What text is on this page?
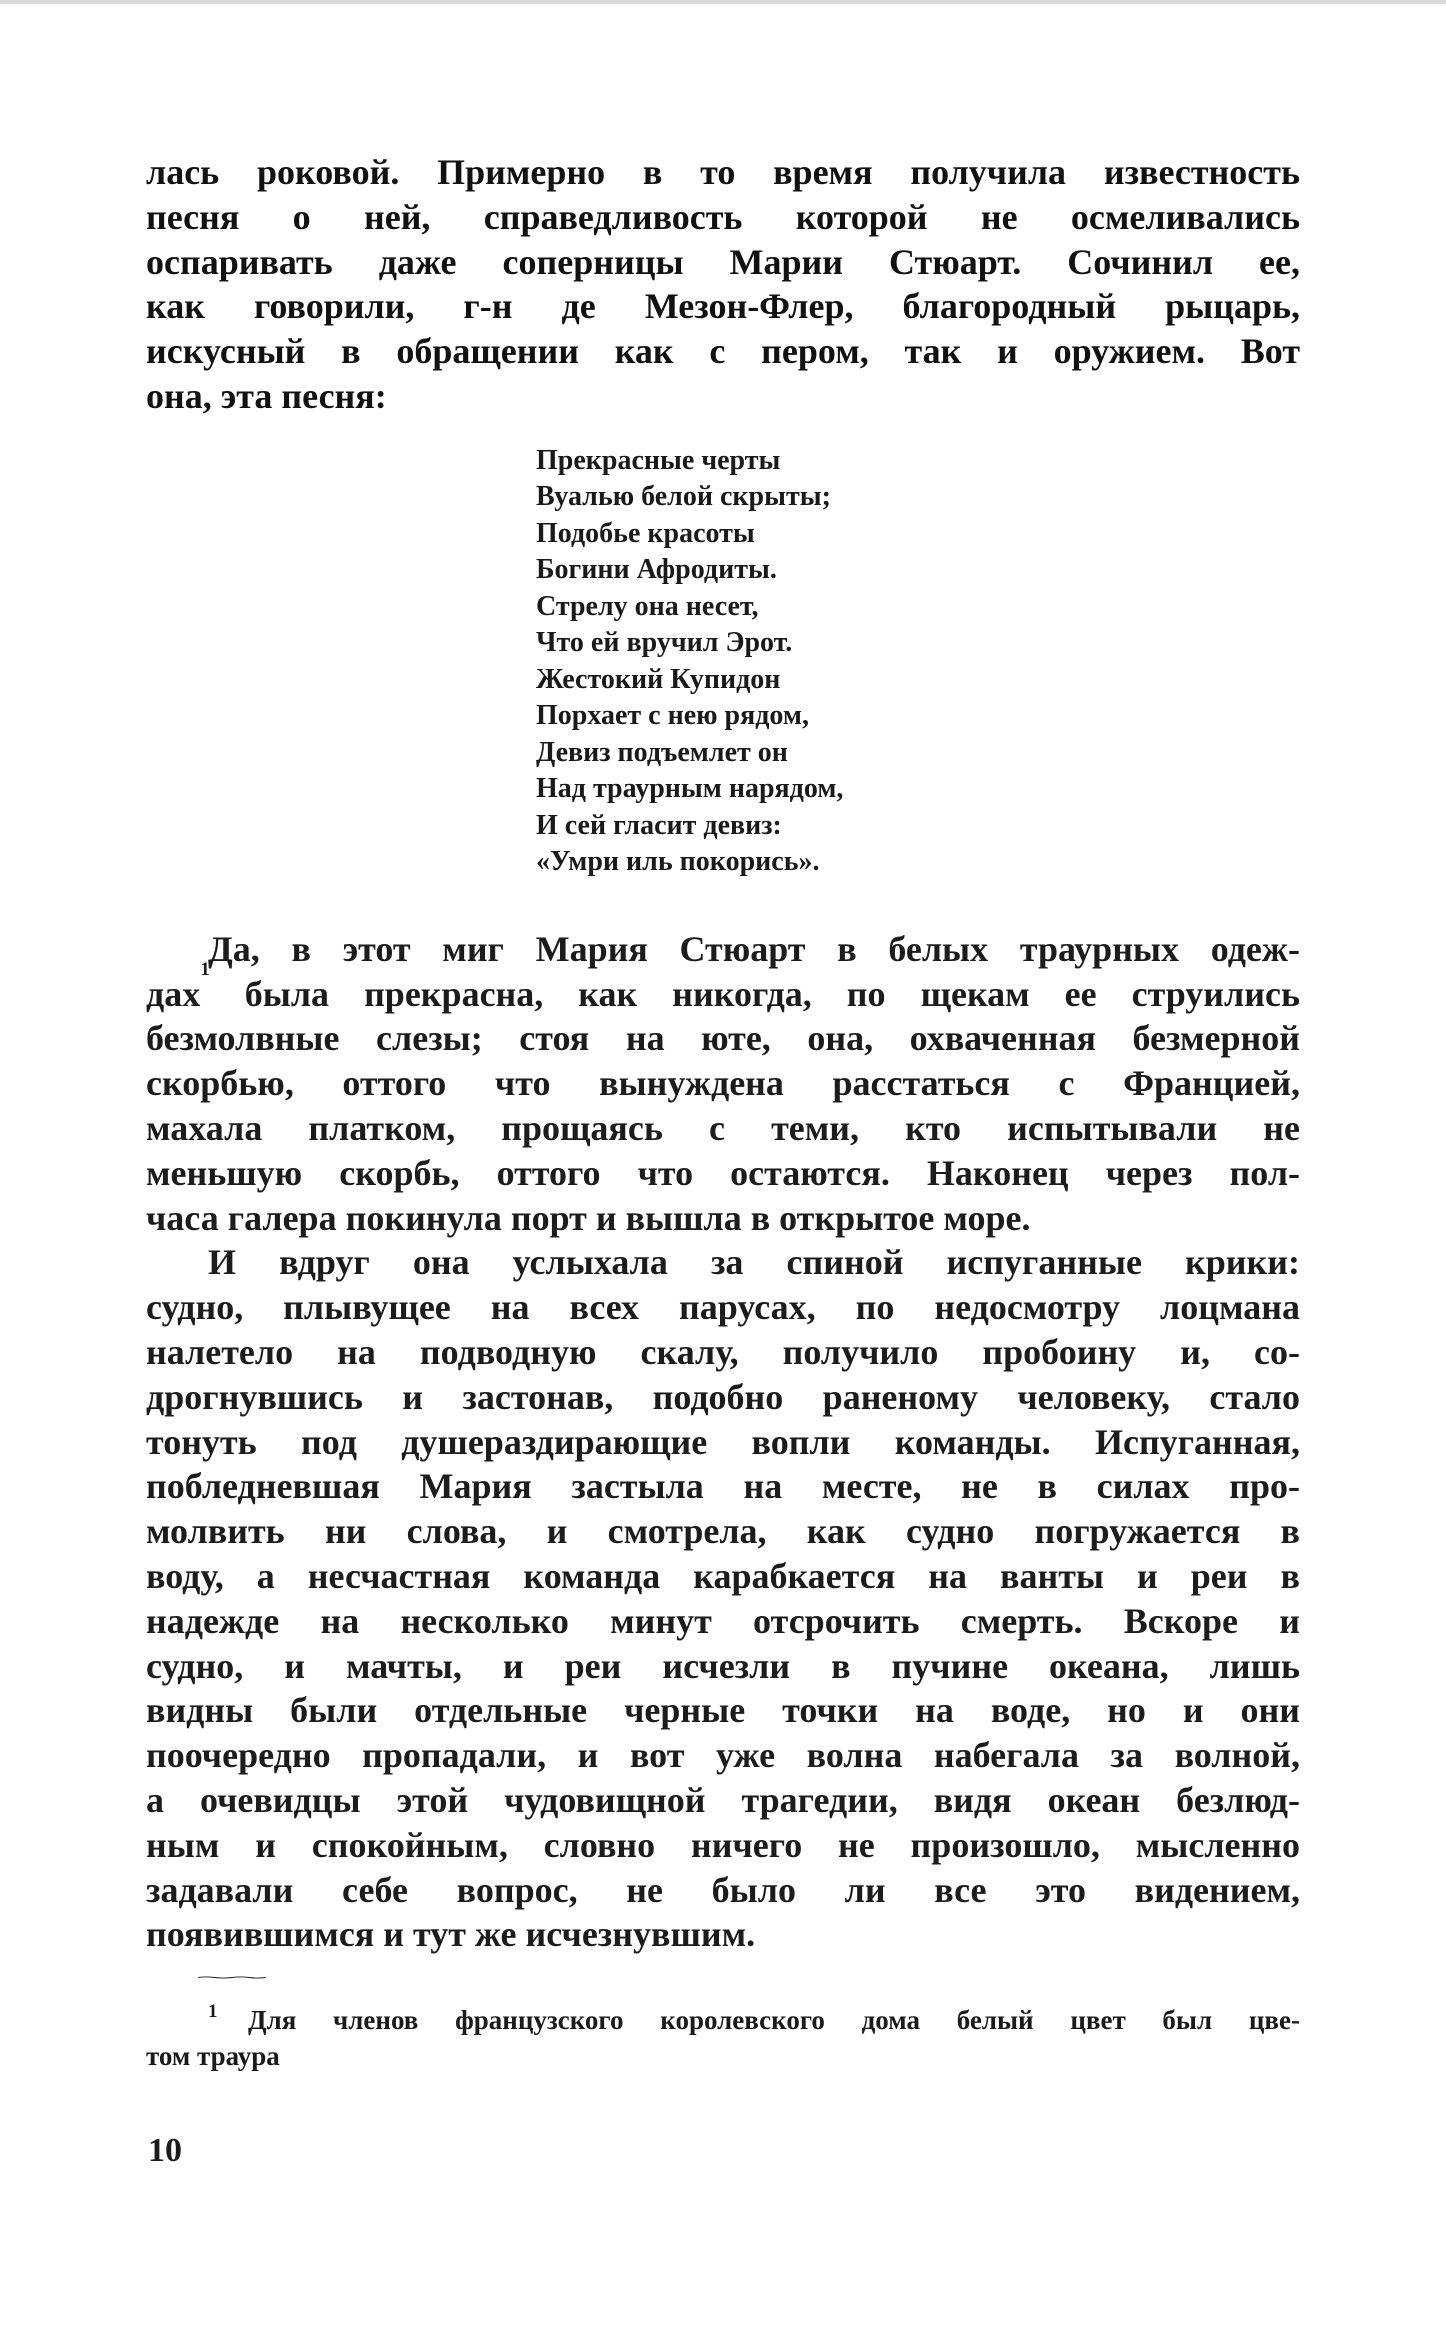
лась роковой. Примерно в то время получила известность
песня о ней, справедливость которой не осмеливались
оспаривать даже соперницы Марии Стюарт. Сочинил ее,
как говорили, г-н де Мезон-Флер, благородный рыцарь,
искусный в обращении как с пером, так и оружием. Вот
она, эта песня:
Прекрасные черты
Вуалью белой скрыты;
Подобье красоты
Богини Афродиты.
Стрелу она несет,
Что ей вручил Эрот.
Жестокий Купидон
Порхает с нею рядом,
Девиз подъемлет он
Над траурным нарядом,
И сей гласит девиз:
«Умри иль покорись».
Да, в этот миг Мария Стюарт в белых траурных одеж-
дах$^1$ была прекрасна, как никогда, по щекам ее струились
безмолвные слезы; стоя на юте, она, охваченная безмерной
скорбью, оттого что вынуждена расстаться с Францией,
махала платком, прощаясь с теми, кто испытывали не
меньшую скорбь, оттого что остаются. Наконец через пол-
часа галера покинула порт и вышла в открытое море.
И вдруг она услыхала за спиной испуганные крики:
судно, плывущее на всех парусах, по недосмотру лоцмана
налетело на подводную скалу, получило пробоину и, со-
дрогнувшись и застонав, подобно раненому человеку, стало
тонуть под душераздирающие вопли команды. Испуганная,
побледневшая Мария застыла на месте, не в силах про-
молвить ни слова, и смотрела, как судно погружается в
воду, а несчастная команда карабкается на ванты и реи в
надежде на несколько минут отсрочить смерть. Вскоре и
судно, и мачты, и реи исчезли в пучине океана, лишь
видны были отдельные черные точки на воде, но и они
поочередно пропадали, и вот уже волна набегала за волной,
а очевидцы этой чудовищной трагедии, видя океан безлюд-
ным и спокойным, словно ничего не произошло, мысленно
задавали себе вопрос, не было ли все это видением,
появившимся и тут же исчезнувшим.
1	Для членов французского королевского дома белый цвет был цве-
том траура
10
